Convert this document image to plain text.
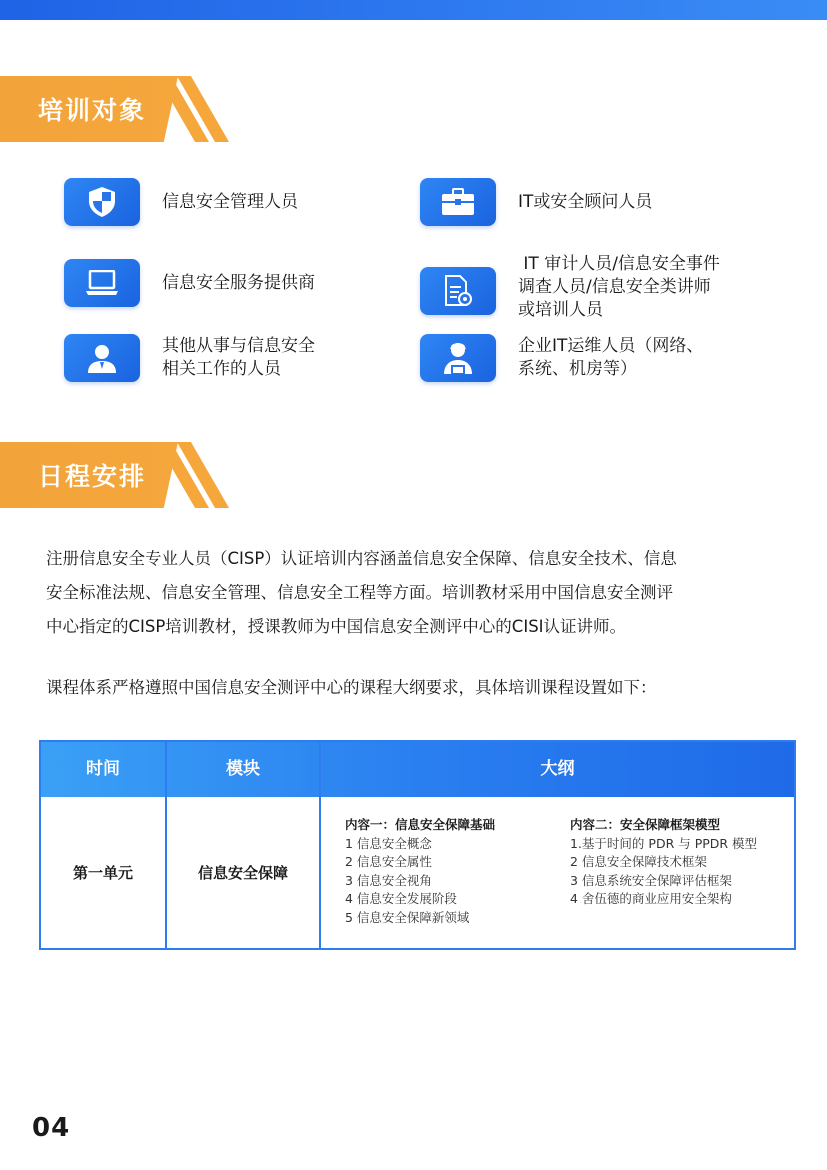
培训对象
信息安全管理人员	IT或安全顾问人员
信息安全服务提供商
IT 审计人员/信息安全事件
调查人员/信息安全类讲师
或培训人员
其他从事与信息安全
相关工作的人员
企业IT运维人员（网络、
系统、机房等）
日程安排
注册信息安全专业人员（CISP）认证培训内容涵盖信息安全保障、信息安全技术、信息
安全标准法规、信息安全管理、信息安全工程等方面。培训教材采用中国信息安全测评
中心指定的CISP培训教材，授课教师为中国信息安全测评中心的CISI认证讲师。
课程体系严格遵照中国信息安全测评中心的课程大纲要求，具体培训课程设置如下：
时间	模块	大纲
第一单元	信息安全保障
内容一：信息安全保障基础
1 信息安全概念
2 信息安全属性
3 信息安全视角
4 信息安全发展阶段
5 信息安全保障新领域
内容二：安全保障框架模型
1.基于时间的 PDR 与 PPDR 模型
2 信息安全保障技术框架
3 信息系统安全保障评估框架
4 舍伍德的商业应用安全架构
04
